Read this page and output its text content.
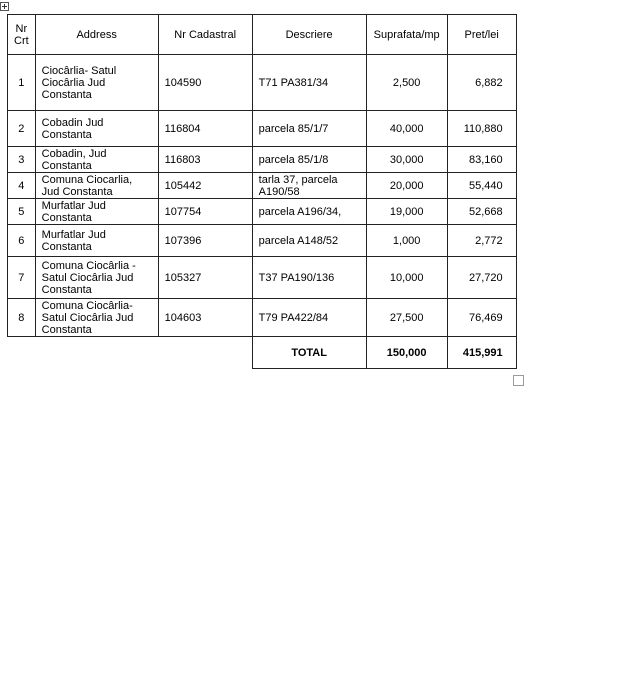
Nr Crt	Address	Nr Cadastral	Descriere	Suprafata/mp	Pret/lei
1	Ciocârlia- Satul Ciocârlia Jud Constanta	104590	T71 PA381/34	2,500	6,882
2	Cobadin Jud Constanta	116804	parcela 85/1/7	40,000	110,880
3	Cobadin, Jud Constanta	116803	parcela 85/1/8	30,000	83,160
4	Comuna Ciocarlia, Jud Constanta	105442	tarla 37, parcela A190/58	20,000	55,440
5	Murfatlar Jud Constanta	107754	parcela A196/34,	19,000	52,668
6	Murfatlar Jud Constanta	107396	parcela A148/52	1,000	2,772
7	Comuna Ciocârlia - Satul Ciocârlia Jud Constanta	105327	T37 PA190/136	10,000	27,720
8	Comuna Ciocârlia- Satul Ciocârlia Jud Constanta	104603	T79 PA422/84	27,500	76,469
			TOTAL	150,000	415,991
